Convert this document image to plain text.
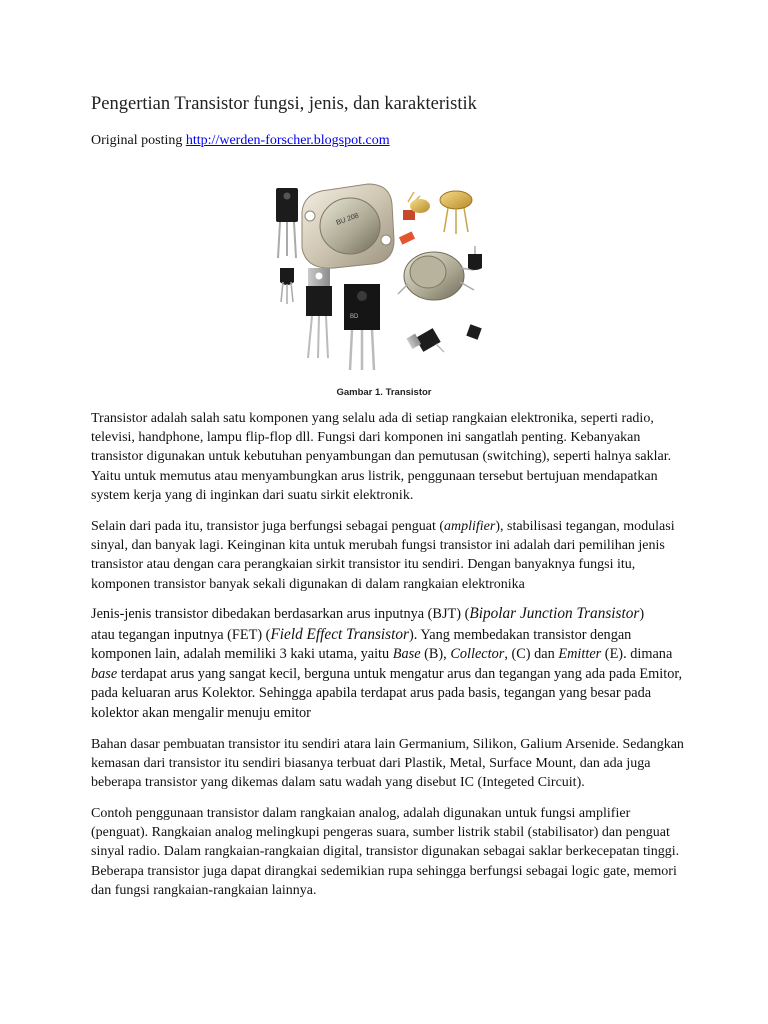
Pengertian Transistor fungsi, jenis, dan karakteristik
Original posting http://werden-forscher.blogspot.com
BU 208
BD
Gambar 1. Transistor

Transistor adalah salah satu komponen yang selalu ada di setiap rangkaian elektronika, seperti radio,
televisi, handphone, lampu flip-flop dll. Fungsi dari komponen ini sangatlah penting. Kebanyakan
transistor digunakan untuk kebutuhan penyambungan dan pemutusan (switching), seperti halnya saklar.
Yaitu untuk memutus atau menyambungkan arus listrik, penggunaan tersebut bertujuan mendapatkan
system kerja yang di inginkan dari suatu sirkit elektronik.

Selain dari pada itu, transistor juga berfungsi sebagai penguat (amplifier), stabilisasi tegangan, modulasi
sinyal, dan banyak lagi. Keinginan kita untuk merubah fungsi transistor ini adalah dari pemilihan jenis
transistor atau dengan cara perangkaian sirkit transistor itu sendiri. Dengan banyaknya fungsi itu,
komponen transistor banyak sekali digunakan di dalam rangkaian elektronika

Jenis-jenis transistor dibedakan berdasarkan arus inputnya (BJT) (Bipolar Junction Transistor)
atau tegangan inputnya (FET) (Field Effect Transistor). Yang membedakan transistor dengan
komponen lain, adalah memiliki 3 kaki utama, yaitu Base (B), Collector, (C) dan Emitter (E). dimana
base terdapat arus yang sangat kecil, berguna untuk mengatur arus dan tegangan yang ada pada Emitor,
pada keluaran arus Kolektor. Sehingga apabila terdapat arus pada basis, tegangan yang besar pada
kolektor akan mengalir menuju emitor

Bahan dasar pembuatan transistor itu sendiri atara lain Germanium, Silikon, Galium Arsenide. Sedangkan
kemasan dari transistor itu sendiri biasanya terbuat dari Plastik, Metal, Surface Mount, dan ada juga
beberapa transistor yang dikemas dalam satu wadah yang disebut IC (Integeted Circuit).

Contoh penggunaan transistor dalam rangkaian analog, adalah digunakan untuk fungsi amplifier
(penguat). Rangkaian analog melingkupi pengeras suara, sumber listrik stabil (stabilisator) dan penguat
sinyal radio. Dalam rangkaian-rangkaian digital, transistor digunakan sebagai saklar berkecepatan tinggi.
Beberapa transistor juga dapat dirangkai sedemikian rupa sehingga berfungsi sebagai logic gate, memori
dan fungsi rangkaian-rangkaian lainnya.
